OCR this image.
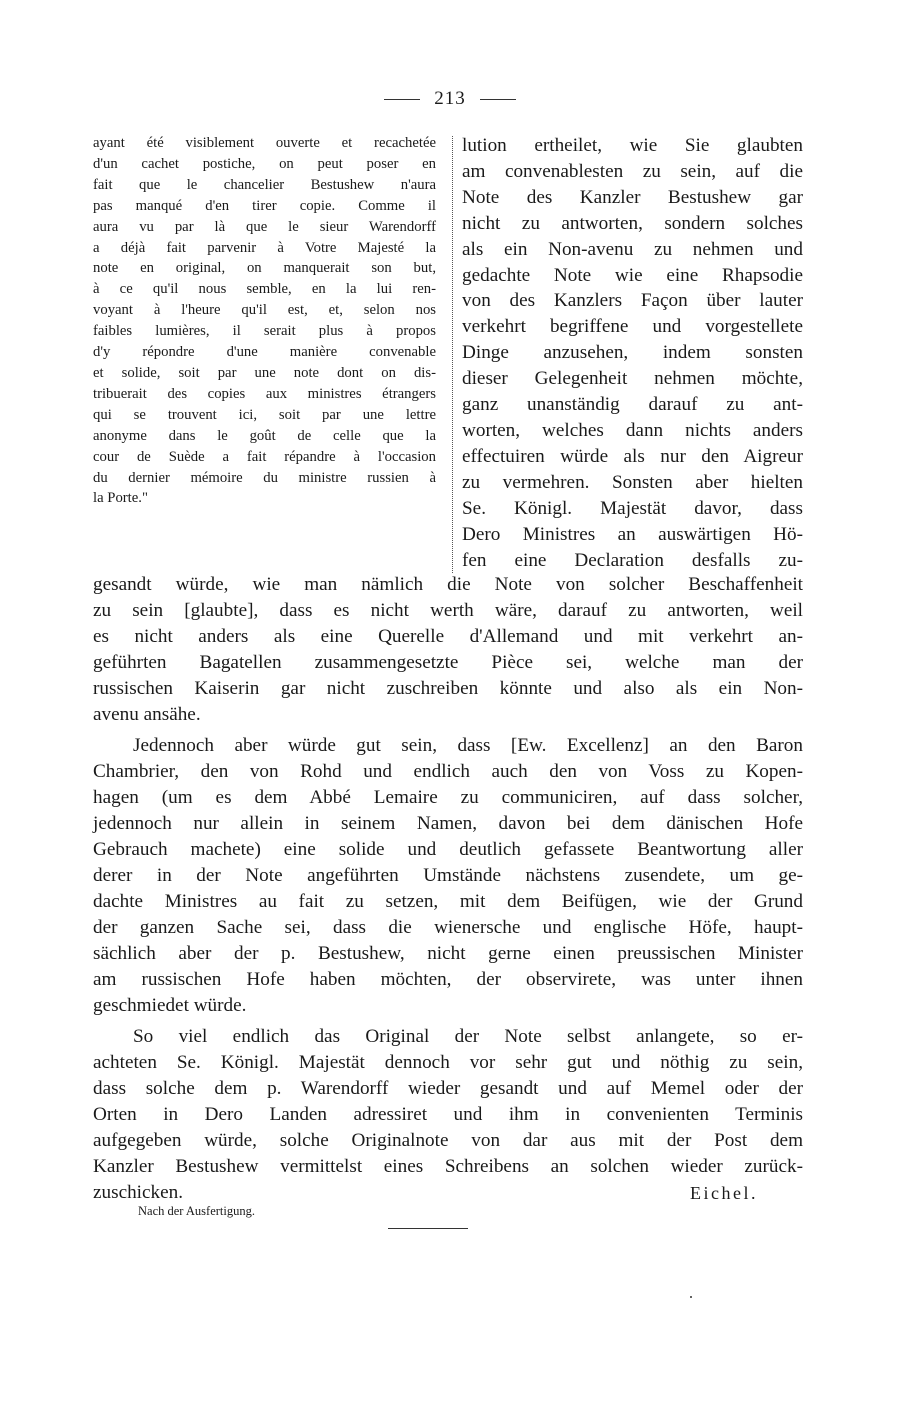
213
ayant été visiblement ouverte et recachetée
d'un cachet postiche, on peut poser en
fait que le chancelier Bestushew n'aura
pas manqué d'en tirer copie. Comme il
aura vu par là que le sieur Warendorff
a déjà fait parvenir à Votre Majesté la
note en original, on manquerait son but,
à ce qu'il nous semble, en la lui ren-
voyant à l'heure qu'il est, et, selon nos
faibles lumières, il serait plus à propos
d'y répondre d'une manière convenable
et solide, soit par une note dont on dis-
tribuerait des copies aux ministres étrangers
qui se trouvent ici, soit par une lettre
anonyme dans le goût de celle que la
cour de Suède a fait répandre à l'occasion
du dernier mémoire du ministre russien à
la Porte."
lution ertheilet, wie Sie glaubten
am convenablesten zu sein, auf die
Note des Kanzler Bestushew gar
nicht zu antworten, sondern solches
als ein Non-avenu zu nehmen und
gedachte Note wie eine Rhapsodie
von des Kanzlers Façon über lauter
verkehrt begriffene und vorgestellete
Dinge anzusehen, indem sonsten
dieser Gelegenheit nehmen möchte,
ganz unanständig darauf zu ant-
worten, welches dann nichts anders
effectuiren würde als nur den Aigreur
zu vermehren. Sonsten aber hielten
Se. Königl. Majestät davor, dass
Dero Ministres an auswärtigen Hö-
fen eine Declaration desfalls zu-
gesandt würde, wie man nämlich die Note von solcher Beschaffenheit
zu sein [glaubte], dass es nicht werth wäre, darauf zu antworten, weil
es nicht anders als eine Querelle d'Allemand und mit verkehrt an-
geführten Bagatellen zusammengesetzte Pièce sei, welche man der
russischen Kaiserin gar nicht zuschreiben könnte und also als ein Non-
avenu ansähe.
Jedennoch aber würde gut sein, dass [Ew. Excellenz] an den Baron
Chambrier, den von Rohd und endlich auch den von Voss zu Kopen-
hagen (um es dem Abbé Lemaire zu communiciren, auf dass solcher,
jedennoch nur allein in seinem Namen, davon bei dem dänischen Hofe
Gebrauch machete) eine solide und deutlich gefassete Beantwortung aller
derer in der Note angeführten Umstände nächstens zusendete, um ge-
dachte Ministres au fait zu setzen, mit dem Beifügen, wie der Grund
der ganzen Sache sei, dass die wienersche und englische Höfe, haupt-
sächlich aber der p. Bestushew, nicht gerne einen preussischen Minister
am russischen Hofe haben möchten, der observirete, was unter ihnen
geschmiedet würde.
So viel endlich das Original der Note selbst anlangete, so er-
achteten Se. Königl. Majestät dennoch vor sehr gut und nöthig zu sein,
dass solche dem p. Warendorff wieder gesandt und auf Memel oder der
Orten in Dero Landen adressiret und ihm in convenienten Terminis
aufgegeben würde, solche Originalnote von dar aus mit der Post dem
Kanzler Bestushew vermittelst eines Schreibens an solchen wieder zurück-
zuschicken.	Eichel.
Nach der Ausfertigung.
